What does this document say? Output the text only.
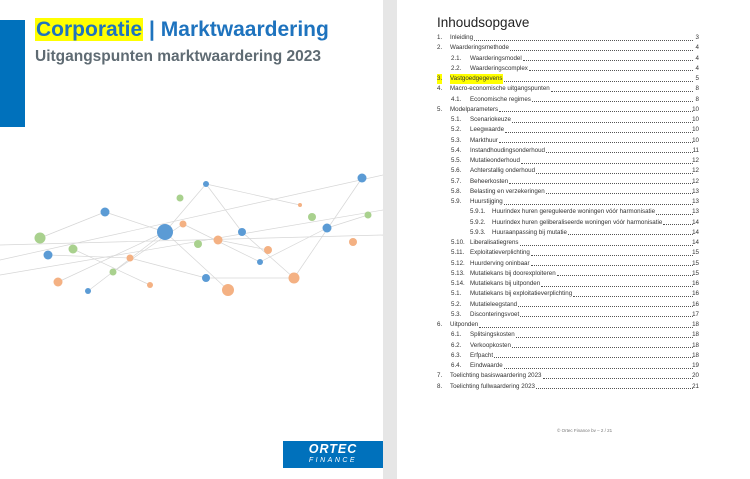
Corporatie | Marktwaardering
Uitgangspunten marktwaardering 2023
ORTEC
FINANCE
Inhoudsopgave
1. Inleiding	3
2. Waarderingsmethode	4
2.1. Waarderingsmodel	4
2.2. Waarderingscomplex	4
3. Vastgoedgegevens	5
4. Macro-economische uitgangspunten	8
4.1. Economische regimes	8
5. Modelparameters	10
5.1. Scenariokeuze	10
5.2. Leegwaarde	10
5.3. Markthuur	10
5.4. Instandhoudingsonderhoud	11
5.5. Mutatieonderhoud	12
5.6. Achterstallig onderhoud	12
5.7. Beheerkosten	12
5.8. Belasting en verzekeringen	13
5.9. Huurstijging	13
5.9.1. Huurindex huren gereguleerde woningen vóór harmonisatie	13
5.9.2. Huurindex huren geliberaliseerde woningen vóór harmonisatie	14
5.9.3. Huuraanpassing bij mutatie	14
5.10. Liberalisatiegrens	14
5.11. Exploitatieverplichting	15
5.12. Huurderving oninbaar	15
5.13. Mutatiekans bij doorexploiteren	15
5.14. Mutatiekans bij uitponden	16
5.1. Mutatiekans bij exploitatieverplichting	16
5.2. Mutatieleegstand	16
5.3. Disconteringsvoet	17
6. Uitponden	18
6.1. Splitsingskosten	18
6.2. Verkoopkosten	18
6.3. Erfpacht	18
6.4. Eindwaarde	19
7. Toelichting basiswaardering 2023	20
8. Toelichting fullwaardering 2023	21
© Ortec Finance bv – 2 / 21
